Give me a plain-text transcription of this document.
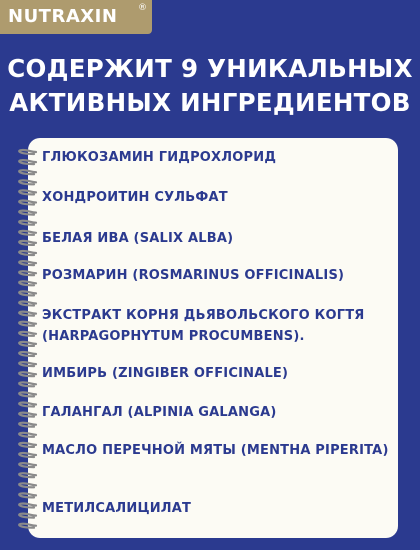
NUTRAXIN ®
СОДЕРЖИТ 9 УНИКАЛЬНЫХ
АКТИВНЫХ ИНГРЕДИЕНТОВ
ГЛЮКОЗАМИН ГИДРОХЛОРИД
ХОНДРОИТИН СУЛЬФАТ
БЕЛАЯ ИВА (SALIX ALBA)
РОЗМАРИН (ROSMARINUS OFFICINALIS)
ЭКСТРАКТ КОРНЯ ДЬЯВОЛЬСКОГО КОГТЯ (HARPAGOPHYTUM PROCUMBENS).
ИМБИРЬ (ZINGIBER OFFICINALE)
ГАЛАНГАЛ (ALPINIA GALANGA)
МАСЛО ПЕРЕЧНОЙ МЯТЫ (MENTHA PIPERITA)
МЕТИЛСАЛИЦИЛАТ
